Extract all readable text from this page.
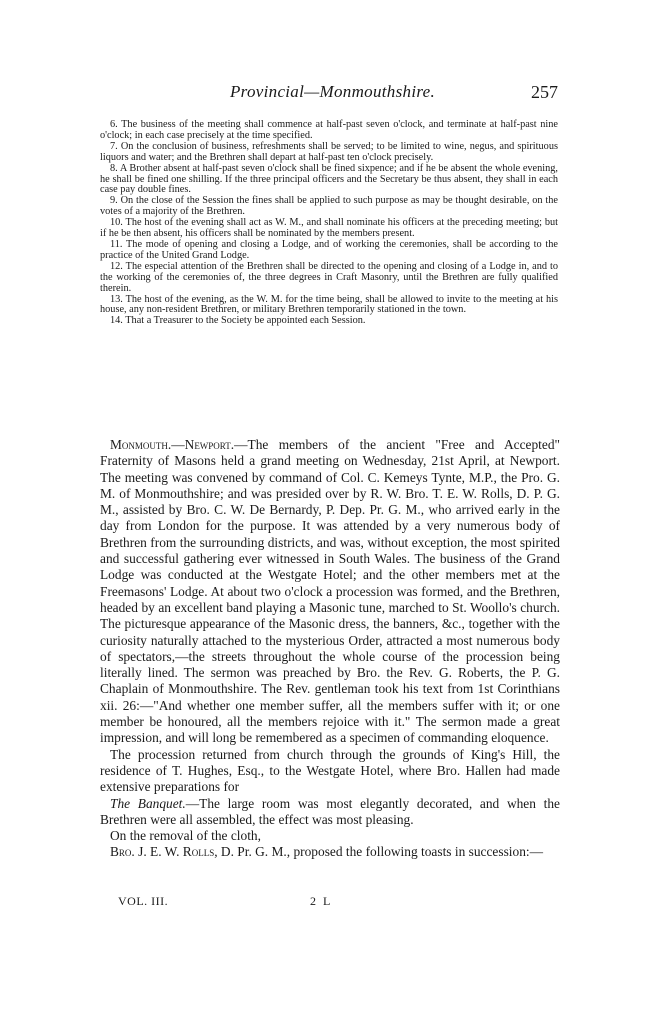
Provincial—Monmouthshire.	257

6. The business of the meeting shall commence at half-past seven o'clock, and terminate at half-past nine o'clock; in each case precisely at the time specified.

7. On the conclusion of business, refreshments shall be served; to be limited to wine, negus, and spirituous liquors and water; and the Brethren shall depart at half-past ten o'clock precisely.

8. A Brother absent at half-past seven o'clock shall be fined sixpence; and if he be absent the whole evening, he shall be fined one shilling. If the three principal officers and the Secretary be thus absent, they shall in each case pay double fines.

9. On the close of the Session the fines shall be applied to such purpose as may be thought desirable, on the votes of a majority of the Brethren.

10. The host of the evening shall act as W. M., and shall nominate his officers at the preceding meeting; but if he be then absent, his officers shall be nominated by the members present.

11. The mode of opening and closing a Lodge, and of working the ceremonies, shall be according to the practice of the United Grand Lodge.

12. The especial attention of the Brethren shall be directed to the opening and closing of a Lodge in, and to the working of the ceremonies of, the three degrees in Craft Masonry, until the Brethren are fully qualified therein.

13. The host of the evening, as the W. M. for the time being, shall be allowed to invite to the meeting at his house, any non-resident Brethren, or military Brethren temporarily stationed in the town.

14. That a Treasurer to the Society be appointed each Session.

Monmouth.—Newport.—The members of the ancient "Free and Accepted" Fraternity of Masons held a grand meeting on Wednesday, 21st April, at Newport. The meeting was convened by command of Col. C. Kemeys Tynte, M.P., the Pro. G. M. of Monmouthshire; and was presided over by R. W. Bro. T. E. W. Rolls, D. P. G. M., assisted by Bro. C. W. De Bernardy, P. Dep. Pr. G. M., who arrived early in the day from London for the purpose. It was attended by a very numerous body of Brethren from the surrounding districts, and was, without exception, the most spirited and successful gathering ever witnessed in South Wales. The business of the Grand Lodge was conducted at the Westgate Hotel; and the other members met at the Freemasons' Lodge. At about two o'clock a procession was formed, and the Brethren, headed by an excellent band playing a Masonic tune, marched to St. Woollo's church. The picturesque appearance of the Masonic dress, the banners, &c., together with the curiosity naturally attached to the mysterious Order, attracted a most numerous body of spectators,—the streets throughout the whole course of the procession being literally lined. The sermon was preached by Bro. the Rev. G. Roberts, the P. G. Chaplain of Monmouthshire. The Rev. gentleman took his text from 1st Corinthians xii. 26:—"And whether one member suffer, all the members suffer with it; or one member be honoured, all the members rejoice with it." The sermon made a great impression, and will long be remembered as a specimen of commanding eloquence.

The procession returned from church through the grounds of King's Hill, the residence of T. Hughes, Esq., to the Westgate Hotel, where Bro. Hallen had made extensive preparations for

The Banquet.—The large room was most elegantly decorated, and when the Brethren were all assembled, the effect was most pleasing.

On the removal of the cloth,

Bro. J. E. W. Rolls, D. Pr. G. M., proposed the following toasts in succession:—

VOL. III.	2 L
